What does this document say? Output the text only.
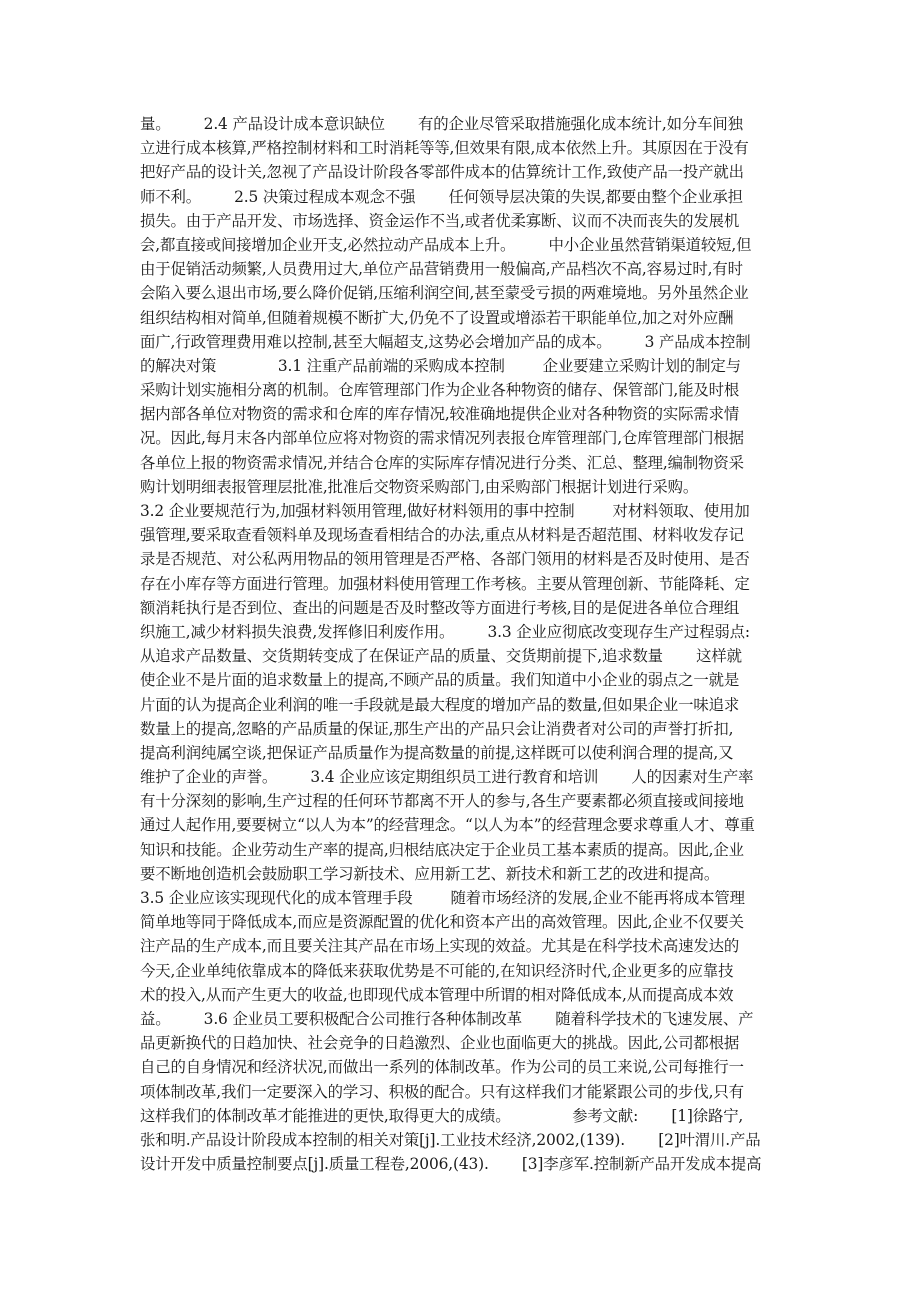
量。       2.4 产品设计成本意识缺位       有的企业尽管采取措施强化成本统计,如分车间独
立进行成本核算,严格控制材料和工时消耗等等,但效果有限,成本依然上升。其原因在于没有
把好产品的设计关,忽视了产品设计阶段各零部件成本的估算统计工作,致使产品一投产就出
师不利。       2.5 决策过程成本观念不强       任何领导层决策的失误,都要由整个企业承担
损失。由于产品开发、市场选择、资金运作不当,或者优柔寡断、议而不决而丧失的发展机
会,都直接或间接增加企业开支,必然拉动产品成本上升。       中小企业虽然营销渠道较短,但
由于促销活动频繁,人员费用过大,单位产品营销费用一般偏高,产品档次不高,容易过时,有时
会陷入要么退出市场,要么降价促销,压缩利润空间,甚至蒙受亏损的两难境地。另外虽然企业
组织结构相对简单,但随着规模不断扩大,仍免不了设置或增添若干职能单位,加之对外应酬
面广,行政管理费用难以控制,甚至大幅超支,这势必会增加产品的成本。       3 产品成本控制
的解决对策             3.1 注重产品前端的采购成本控制        企业要建立采购计划的制定与
采购计划实施相分离的机制。仓库管理部门作为企业各种物资的储存、保管部门,能及时根
据内部各单位对物资的需求和仓库的库存情况,较准确地提供企业对各种物资的实际需求情
况。因此,每月末各内部单位应将对物资的需求情况列表报仓库管理部门,仓库管理部门根据
各单位上报的物资需求情况,并结合仓库的实际库存情况进行分类、汇总、整理,编制物资采
购计划明细表报管理层批准,批准后交物资采购部门,由采购部门根据计划进行采购。
3.2 企业要规范行为,加强材料领用管理,做好材料领用的事中控制        对材料领取、使用加
强管理,要采取查看领料单及现场查看相结合的办法,重点从材料是否超范围、材料收发存记
录是否规范、对公私两用物品的领用管理是否严格、各部门领用的材料是否及时使用、是否
存在小库存等方面进行管理。加强材料使用管理工作考核。主要从管理创新、节能降耗、定
额消耗执行是否到位、查出的问题是否及时整改等方面进行考核,目的是促进各单位合理组
织施工,减少材料损失浪费,发挥修旧利废作用。       3.3 企业应彻底改变现存生产过程弱点:
从追求产品数量、交货期转变成了在保证产品的质量、交货期前提下,追求数量       这样就
使企业不是片面的追求数量上的提高,不顾产品的质量。我们知道中小企业的弱点之一就是
片面的认为提高企业利润的唯一手段就是最大程度的增加产品的数量,但如果企业一味追求
数量上的提高,忽略的产品质量的保证,那生产出的产品只会让消费者对公司的声誉打折扣,
提高利润纯属空谈,把保证产品质量作为提高数量的前提,这样既可以使利润合理的提高,又
维护了企业的声誉。       3.4 企业应该定期组织员工进行教育和培训       人的因素对生产率
有十分深刻的影响,生产过程的任何环节都离不开人的参与,各生产要素都必须直接或间接地
通过人起作用,要要树立“以人为本”的经营理念。“以人为本”的经营理念要求尊重人才、尊重
知识和技能。企业劳动生产率的提高,归根结底决定于企业员工基本素质的提高。因此,企业
要不断地创造机会鼓励职工学习新技术、应用新工艺、新技术和新工艺的改进和提高。
3.5 企业应该实现现代化的成本管理手段        随着市场经济的发展,企业不能再将成本管理
简单地等同于降低成本,而应是资源配置的优化和资本产出的高效管理。因此,企业不仅要关
注产品的生产成本,而且要关注其产品在市场上实现的效益。尤其是在科学技术高速发达的
今天,企业单纯依靠成本的降低来获取优势是不可能的,在知识经济时代,企业更多的应靠技
术的投入,从而产生更大的收益,也即现代成本管理中所谓的相对降低成本,从而提高成本效
益。       3.6 企业员工要积极配合公司推行各种体制改革       随着科学技术的飞速发展、产
品更新换代的日趋加快、社会竞争的日趋激烈、企业也面临更大的挑战。因此,公司都根据
自己的自身情况和经济状况,而做出一系列的体制改革。作为公司的员工来说,公司每推行一
项体制改革,我们一定要深入的学习、积极的配合。只有这样我们才能紧跟公司的步伐,只有
这样我们的体制改革才能推进的更快,取得更大的成绩。             参考文献:       [1]徐路宁,
张和明.产品设计阶段成本控制的相关对策[j].工业技术经济,2002,(139).       [2]叶渭川.产品
设计开发中质量控制要点[j].质量工程卷,2006,(43).       [3]李彦军.控制新产品开发成本提高
